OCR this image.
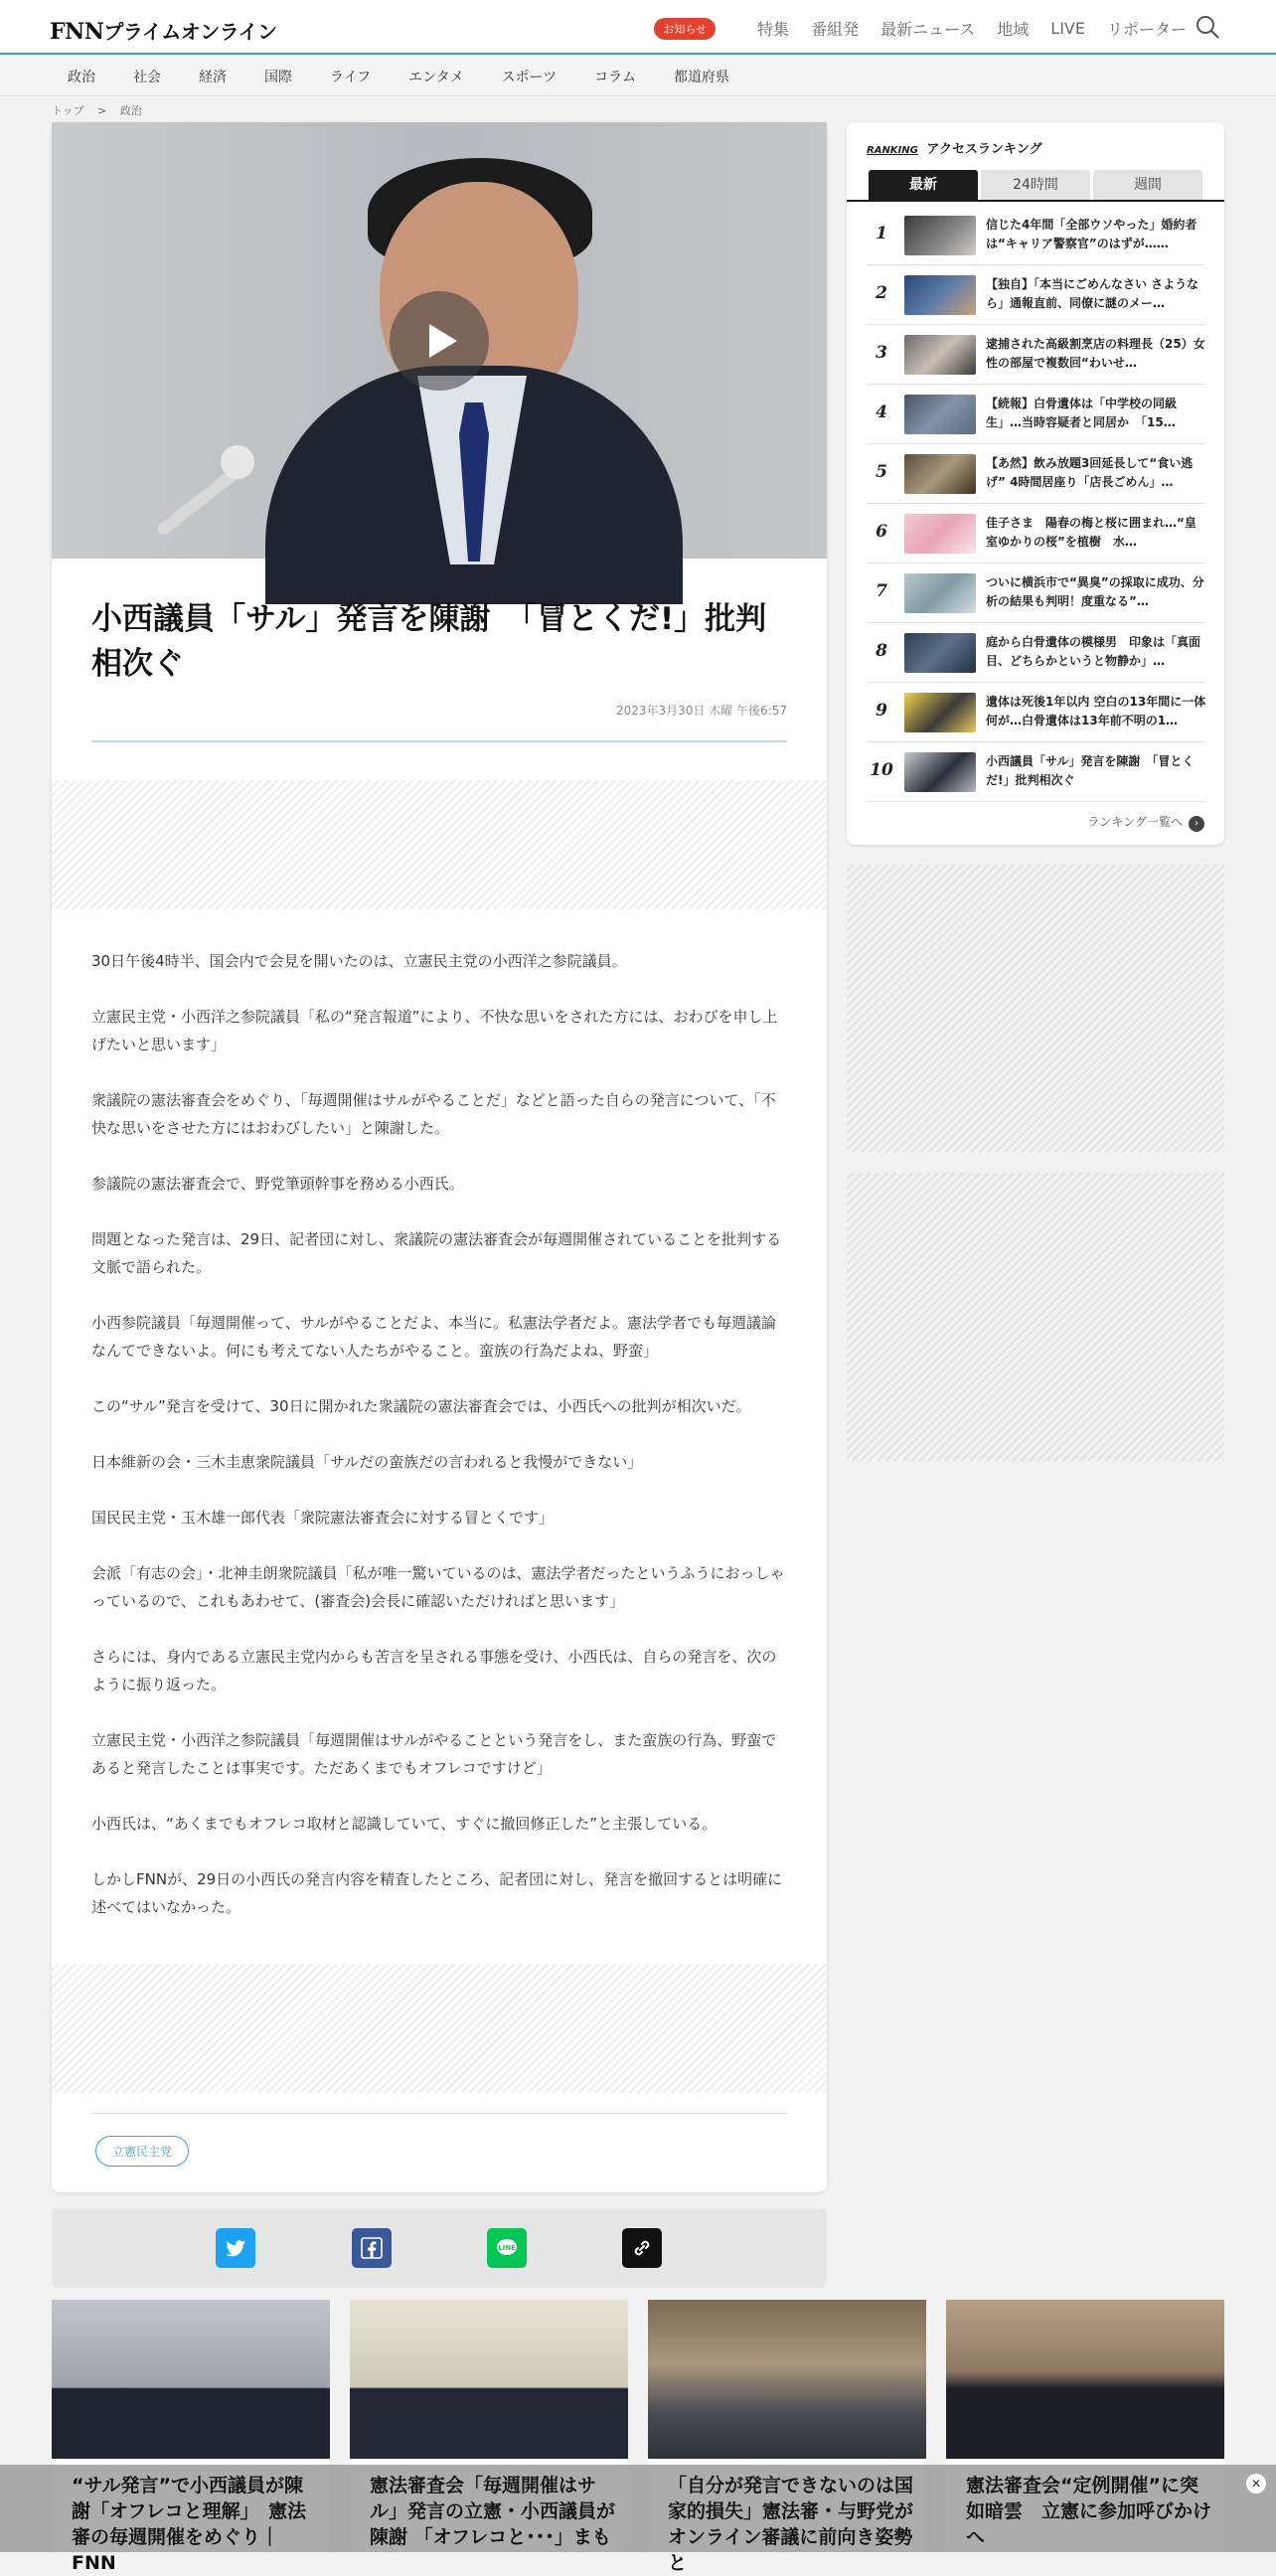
FNNプライムオンライン	お知らせ	特集 番組発 最新ニュース 地域 LIVE リポーター
政治	社会	経済	国際	ライフ	エンタメ	スポーツ	コラム	都道府県
トップ > 政治
小西議員「サル」発言を陳謝　「冒とくだ!」批判相次ぐ
2023年3月30日 木曜 午後6:57

30日午後4時半、国会内で会見を開いたのは、立憲民主党の小西洋之参院議員。

立憲民主党・小西洋之参院議員「私の“発言報道”により、不快な思いをされた方には、おわびを申し上げたいと思います」

衆議院の憲法審査会をめぐり、「毎週開催はサルがやることだ」などと語った自らの発言について、「不快な思いをさせた方にはおわびしたい」と陳謝した。

参議院の憲法審査会で、野党筆頭幹事を務める小西氏。

問題となった発言は、29日、記者団に対し、衆議院の憲法審査会が毎週開催されていることを批判する文脈で語られた。

小西参院議員「毎週開催って、サルがやることだよ、本当に。私憲法学者だよ。憲法学者でも毎週議論なんてできないよ。何にも考えてない人たちがやること。蛮族の行為だよね、野蛮」

この“サル”発言を受けて、30日に開かれた衆議院の憲法審査会では、小西氏への批判が相次いだ。

日本維新の会・三木圭恵衆院議員「サルだの蛮族だの言われると我慢ができない」

国民民主党・玉木雄一郎代表「衆院憲法審査会に対する冒とくです」

会派「有志の会」・北神圭朗衆院議員「私が唯一驚いているのは、憲法学者だったというふうにおっしゃっているので、これもあわせて、(審査会)会長に確認いただければと思います」

さらには、身内である立憲民主党内からも苦言を呈される事態を受け、小西氏は、自らの発言を、次のように振り返った。

立憲民主党・小西洋之参院議員「毎週開催はサルがやることという発言をし、また蛮族の行為、野蛮であると発言したことは事実です。ただあくまでもオフレコですけど」

小西氏は、“あくまでもオフレコ取材と認識していて、すぐに撤回修正した”と主張している。

しかしFNNが、29日の小西氏の発言内容を精査したところ、記者団に対し、発言を撤回するとは明確に述べてはいなかった。

立憲民主党
LINE
RANKING アクセスランキング
最新	24時間	週間
1	信じた4年間「全部ウソやった」婚約者は“キャリア警察官”のはずが……
2	【独自】「本当にごめんなさい さようなら」通報直前、同僚に謎のメー…
3	逮捕された高級割烹店の料理長（25）女性の部屋で複数回“わいせ…
4	【続報】白骨遺体は「中学校の同級生」…当時容疑者と同居か　「15…
5	【あ然】飲み放題3回延長して“食い逃げ” 4時間居座り「店長ごめん」…
6	佳子さま　陽春の梅と桜に囲まれ…“皇室ゆかりの桜”を植樹　水…
7	ついに横浜市で“異臭”の採取に成功、分析の結果も判明！度重なる”…
8	庭から白骨遺体の模様男　印象は「真面目、どちらかというと物静か」…
9	遺体は死後1年以内 空白の13年間に一体何が…白骨遺体は13年前不明の1…
10	小西議員「サル」発言を陳謝　「冒とくだ!」批判相次ぐ
ランキング一覧へ ›
“サル発言”で小西議員が陳謝「オフレコと理解」　憲法審の毎週開催をめぐり｜FNN
憲法審査会「毎週開催はサル」発言の立憲・小西議員が陳謝 「オフレコと･･･」まも
「自分が発言できないのは国家的損失」憲法審・与野党がオンライン審議に前向き姿勢と
憲法審査会“定例開催”に突如暗雲　立憲に参加呼びかけへ
✕
